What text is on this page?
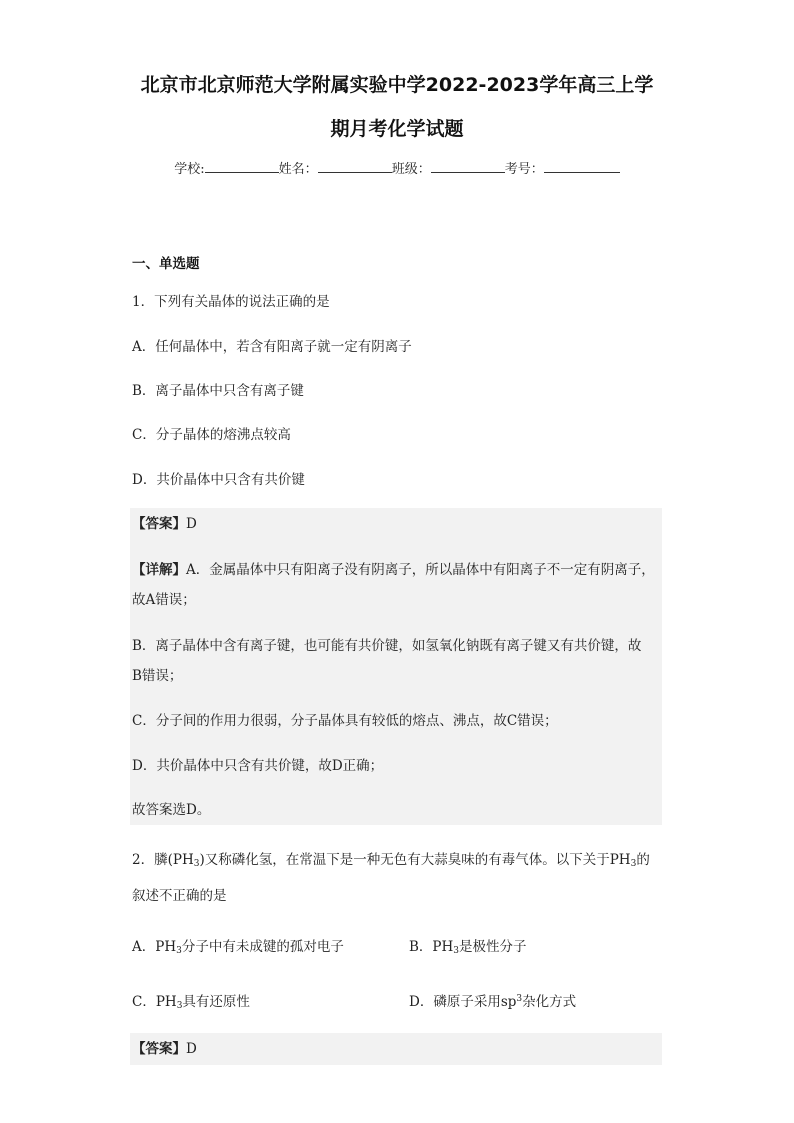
北京市北京师范大学附属实验中学2022-2023学年高三上学
期月考化学试题
学校:	姓名：	班级：	考号：
一、单选题
1．下列有关晶体的说法正确的是
A．任何晶体中，若含有阳离子就一定有阴离子
B．离子晶体中只含有离子键
C．分子晶体的熔沸点较高
D．共价晶体中只含有共价键
【答案】D
【详解】A．金属晶体中只有阳离子没有阴离子，所以晶体中有阳离子不一定有阴离子，
故A错误；
B．离子晶体中含有离子键，也可能有共价键，如氢氧化钠既有离子键又有共价键，故
B错误；
C．分子间的作用力很弱，分子晶体具有较低的熔点、沸点，故C错误；
D．共价晶体中只含有共价键，故D正确；
故答案选D。
2．膦$(PH_3)$又称磷化氢，在常温下是一种无色有大蒜臭味的有毒气体。以下关于$PH_3$的
叙述不正确的是
A．$PH_3$分子中有未成键的孤对电子	B．$PH_3$是极性分子
C．$PH_3$具有还原性	D．磷原子采用$sp^3$杂化方式
【答案】D
